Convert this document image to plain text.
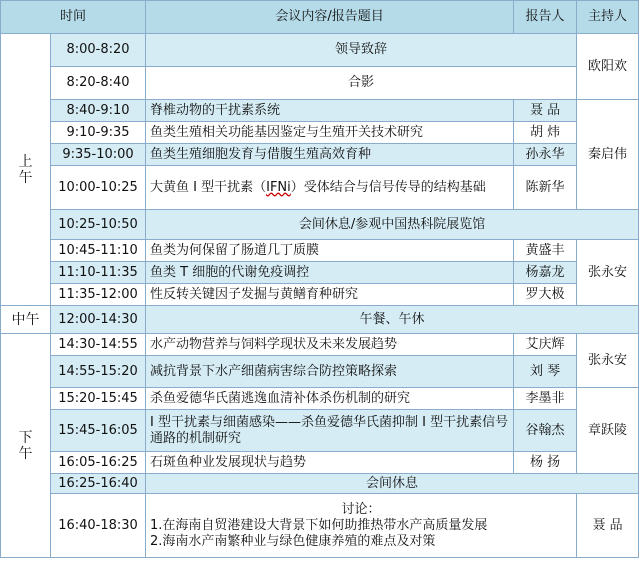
时间		会议内容/报告题目	报告人	主持人

上
午	8:00-8:20	领导致辞		欧阳欢
	8:20-8:40	合影		
	8:40-9:10	脊椎动物的干扰素系统	聂 品	秦启伟
	9:10-9:35	鱼类生殖相关功能基因鉴定与生殖开关技术研究	胡 炜	
	9:35-10:00	鱼类生殖细胞发育与借腹生殖高效育种	孙永华	
	10:00-10:25	大黄鱼 I 型干扰素（IFNi）受体结合与信号传导的结构基础	陈新华	
	10:25-10:50	会间休息/参观中国热科院展览馆		
	10:45-11:10	鱼类为何保留了肠道几丁质膜	黄盛丰	张永安
	11:10-11:35	鱼类 T 细胞的代谢免疫调控	杨嘉龙	
	11:35-12:00	性反转关键因子发掘与黄鳝育种研究	罗大极	
中午	12:00-14:30	午餐、午休		

下
午	14:30-14:55	水产动物营养与饲料学现状及未来发展趋势	艾庆辉	张永安
	14:55-15:20	减抗背景下水产细菌病害综合防控策略探索	刘 琴	
	15:20-15:45	杀鱼爱德华氏菌逃逸血清补体杀伤机制的研究	李墨非	章跃陵
	15:45-16:05	I 型干扰素与细菌感染——杀鱼爱德华氏菌抑制 I 型干扰素信号通路的机制研究	谷翰杰	
	16:05-16:25	石斑鱼种业发展现状与趋势	杨 扬	
	16:25-16:40	会间休息		
	16:40-18:30	讨论：
1.在海南自贸港建设大背景下如何助推热带水产高质量发展
2.海南水产南繁种业与绿色健康养殖的难点及对策		聂 品
